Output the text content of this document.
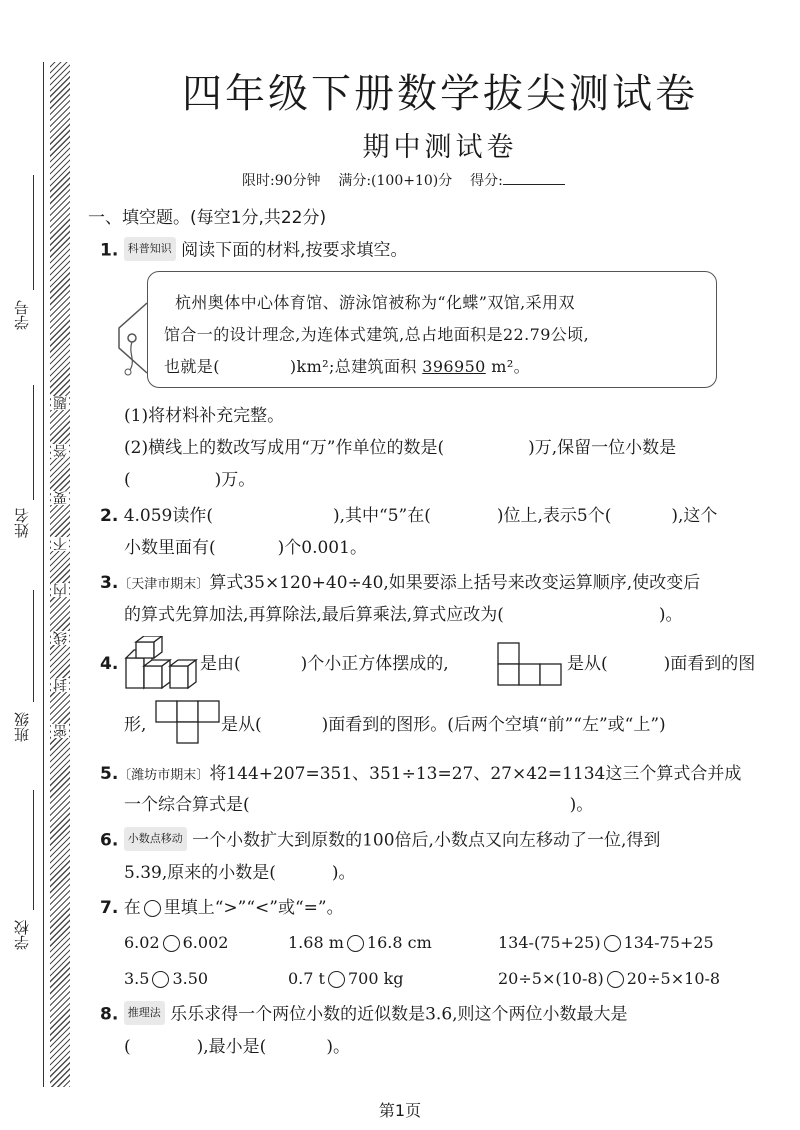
学号
姓名
班级
学校
题
答
要
不
内
线
封
密
四年级下册数学拔尖测试卷
期中测试卷
限时:90分钟 满分:(100+10)分 得分:
一、填空题。(每空1分,共22分)
1. 科普知识 阅读下面的材料,按要求填空。
杭州奥体中心体育馆、游泳馆被称为“化蝶”双馆,采用双
馆合一的设计理念,为连体式建筑,总占地面积是22.79公顷,
也就是(	)km²;总建筑面积 396950 m²。
(1)将材料补充完整。
(2)横线上的数改写成用“万”作单位的数是(	)万,保留一位小数是
(	)万。
2. 4.059读作(	),其中“5”在(	)位上,表示5个(	),这个
小数里面有(	)个0.001。
3.〔天津市期末〕算式35×120+40÷40,如果要添上括号来改变运算顺序,使改变后
的算式先算加法,再算除法,最后算乘法,算式应改为(	)。
4.	是由(	)个小正方体摆成的,	是从(	)面看到的图
形,	是从(	)面看到的图形。(后两个空填“前”“左”或“上”)
5.〔潍坊市期末〕将144+207=351、351÷13=27、27×42=1134这三个算式合并成
一个综合算式是(	)。
6. 小数点移动 一个小数扩大到原数的100倍后,小数点又向左移动了一位,得到
5.39,原来的小数是(	)。
7. 在 里填上“>”“<”或“=”。
6.02 6.002	1.68 m 16.8 cm	134-(75+25) 134-75+25
3.5 3.50	0.7 t 700 kg	20÷5×(10-8) 20÷5×10-8
8. 推理法 乐乐求得一个两位小数的近似数是3.6,则这个两位小数最大是
(	),最小是(	)。
第1页
